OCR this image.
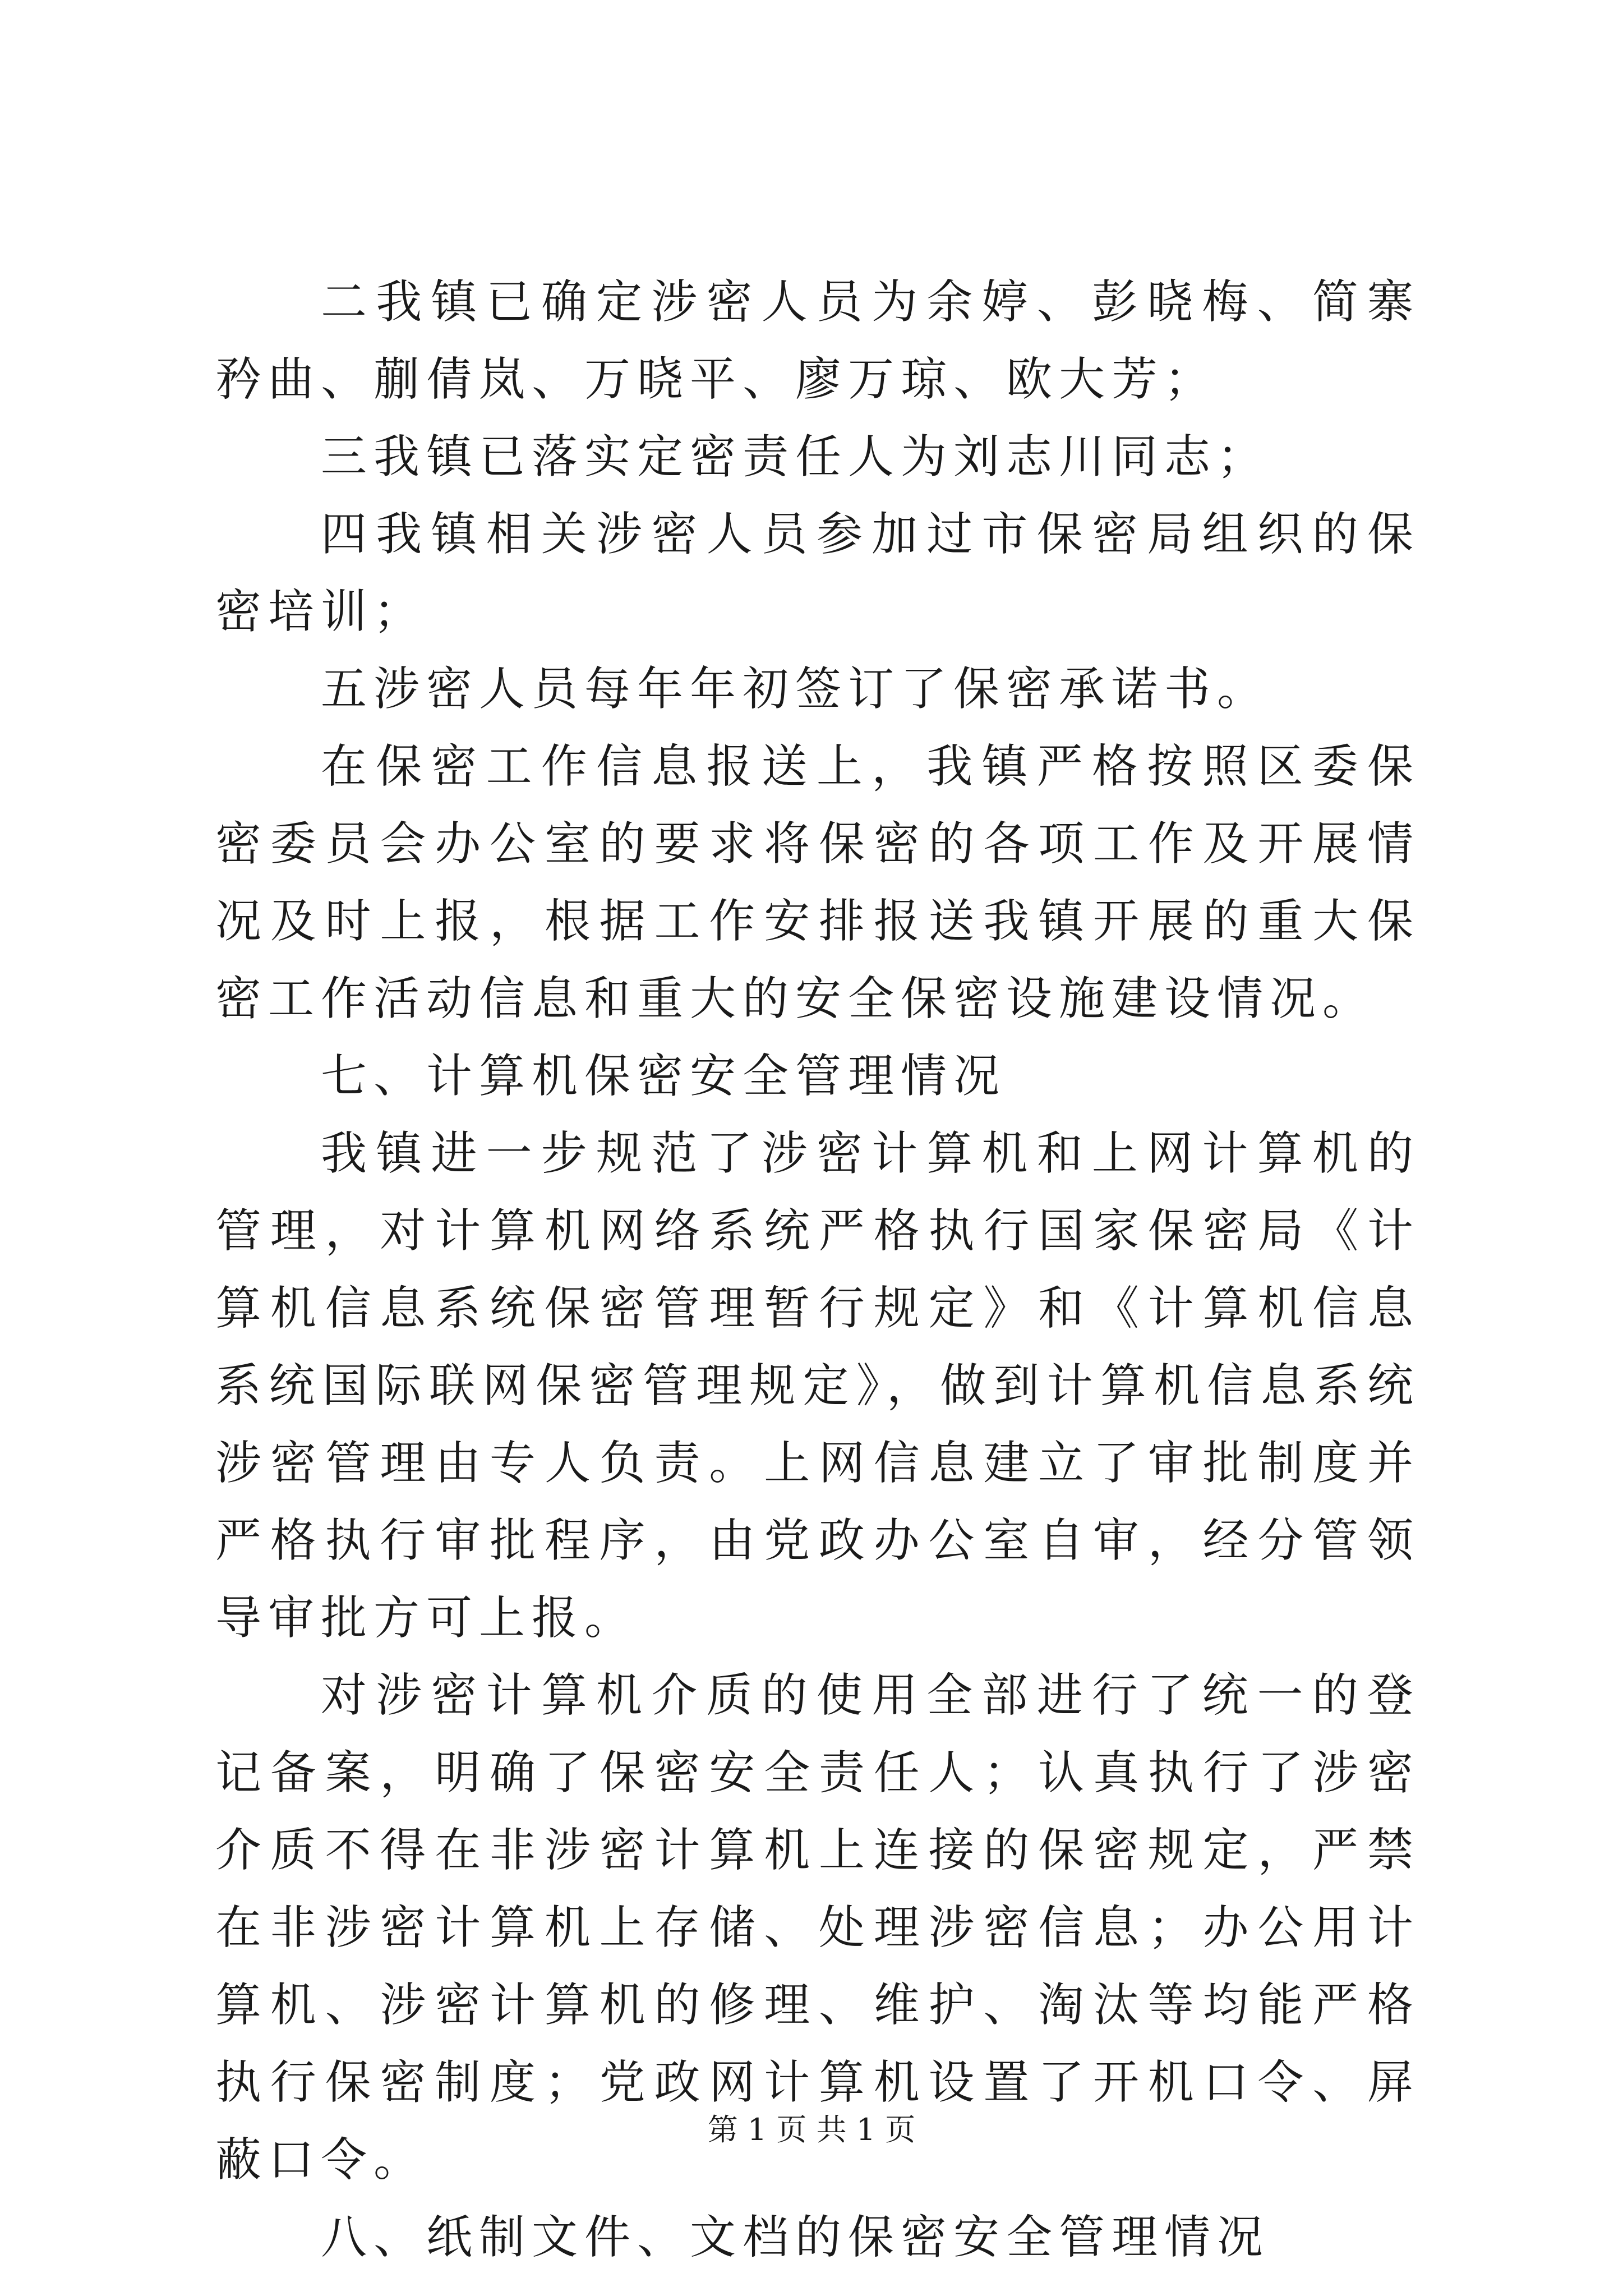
二我镇已确定涉密人员为余婷、彭晓梅、简寨矜曲、蒯倩岚、万晓平、廖万琼、欧大芳；

三我镇已落实定密责任人为刘志川同志；

四我镇相关涉密人员参加过市保密局组织的保密培训；

五涉密人员每年年初签订了保密承诺书。

在保密工作信息报送上，我镇严格按照区委保密委员会办公室的要求将保密的各项工作及开展情况及时上报，根据工作安排报送我镇开展的重大保密工作活动信息和重大的安全保密设施建设情况。

七、计算机保密安全管理情况

我镇进一步规范了涉密计算机和上网计算机的管理，对计算机网络系统严格执行国家保密局《计算机信息系统保密管理暂行规定》和《计算机信息系统国际联网保密管理规定》，做到计算机信息系统涉密管理由专人负责。上网信息建立了审批制度并严格执行审批程序，由党政办公室自审，经分管领导审批方可上报。

对涉密计算机介质的使用全部进行了统一的登记备案，明确了保密安全责任人；认真执行了涉密介质不得在非涉密计算机上连接的保密规定，严禁在非涉密计算机上存储、处理涉密信息；办公用计算机、涉密计算机的修理、维护、淘汰等均能严格执行保密制度；党政网计算机设置了开机口令、屏蔽口令。

八、纸制文件、文档的保密安全管理情况

第 1 页 共 1 页
